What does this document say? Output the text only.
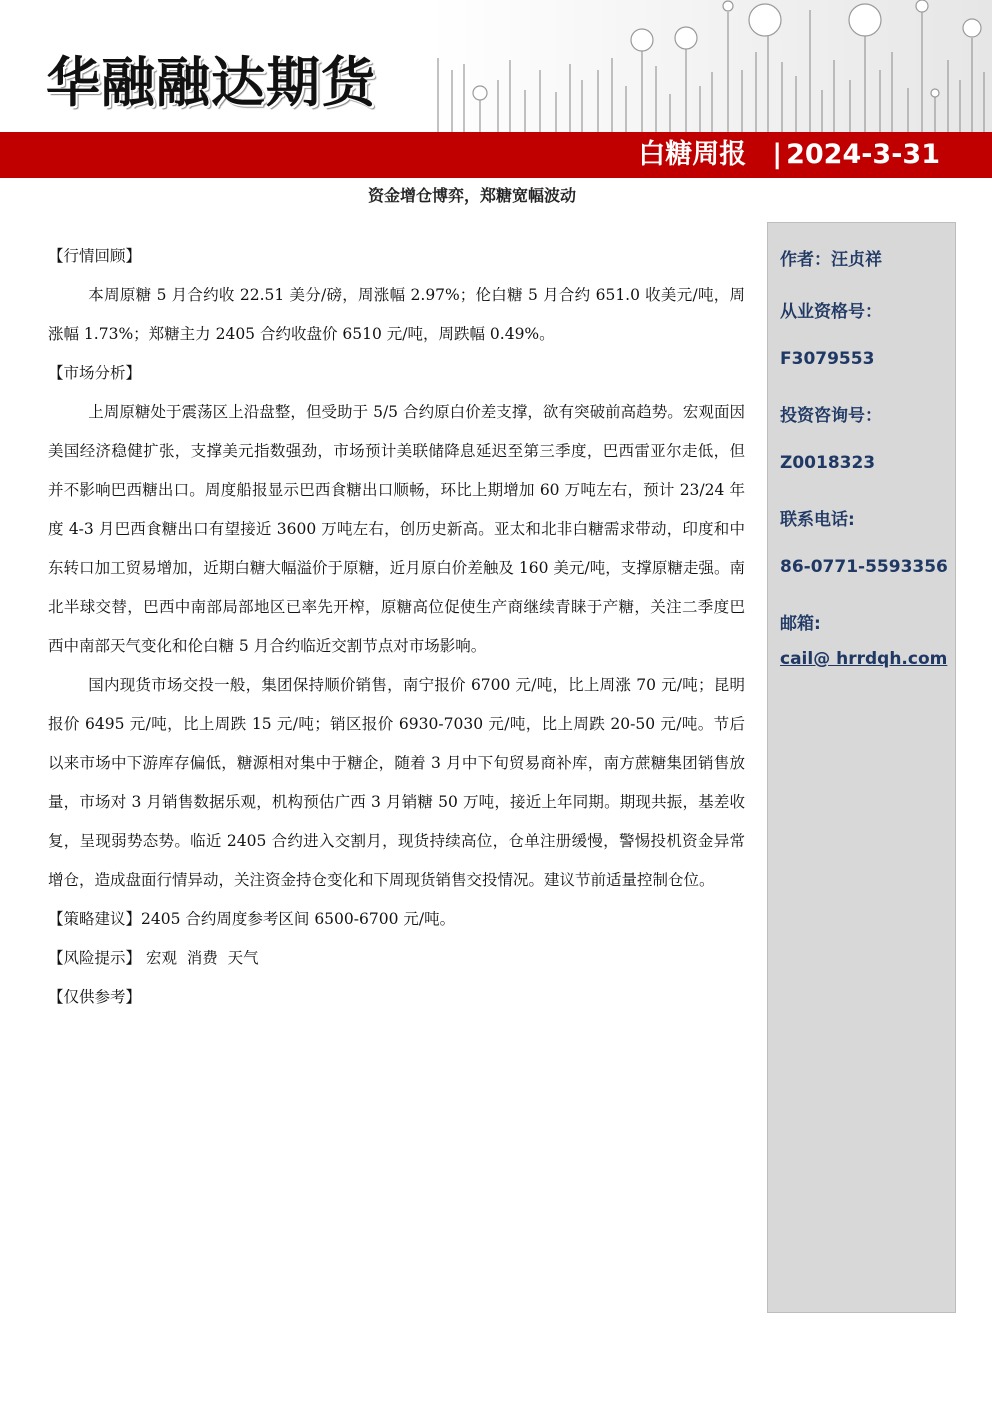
华融融达期货
白糖周报 | 2024-3-31
资金增仓博弈，郑糖宽幅波动

【行情回顾】

本周原糖 5 月合约收 22.51 美分/磅，周涨幅 2.97%；伦白糖 5 月合约 651.0 收美元/吨，周涨幅 1.73%；郑糖主力 2405 合约收盘价 6510 元/吨，周跌幅 0.49%。

【市场分析】

上周原糖处于震荡区上沿盘整，但受助于 5/5 合约原白价差支撑，欲有突破前高趋势。宏观面因美国经济稳健扩张，支撑美元指数强劲，市场预计美联储降息延迟至第三季度，巴西雷亚尔走低，但并不影响巴西糖出口。周度船报显示巴西食糖出口顺畅，环比上期增加 60 万吨左右，预计 23/24 年度 4-3 月巴西食糖出口有望接近 3600 万吨左右，创历史新高。亚太和北非白糖需求带动，印度和中东转口加工贸易增加，近期白糖大幅溢价于原糖，近月原白价差触及 160 美元/吨，支撑原糖走强。南北半球交替，巴西中南部局部地区已率先开榨，原糖高位促使生产商继续青睐于产糖，关注二季度巴西中南部天气变化和伦白糖 5 月合约临近交割节点对市场影响。

国内现货市场交投一般，集团保持顺价销售，南宁报价 6700 元/吨，比上周涨 70 元/吨；昆明报价 6495 元/吨，比上周跌 15 元/吨；销区报价 6930-7030 元/吨，比上周跌 20-50 元/吨。节后以来市场中下游库存偏低，糖源相对集中于糖企，随着 3 月中下旬贸易商补库，南方蔗糖集团销售放量，市场对 3 月销售数据乐观，机构预估广西 3 月销糖 50 万吨，接近上年同期。期现共振，基差收复，呈现弱势态势。临近 2405 合约进入交割月，现货持续高位，仓单注册缓慢，警惕投机资金异常增仓，造成盘面行情异动，关注资金持仓变化和下周现货销售交投情况。建议节前适量控制仓位。

【策略建议】2405 合约周度参考区间 6500-6700 元/吨。

【风险提示】 宏观  消费  天气

【仅供参考】

作者：汪贞祥
从业资格号：
F3079553
投资咨询号：
Z0018323
联系电话:
86-0771-5593356
邮箱:
cail@ hrrdqh.com
